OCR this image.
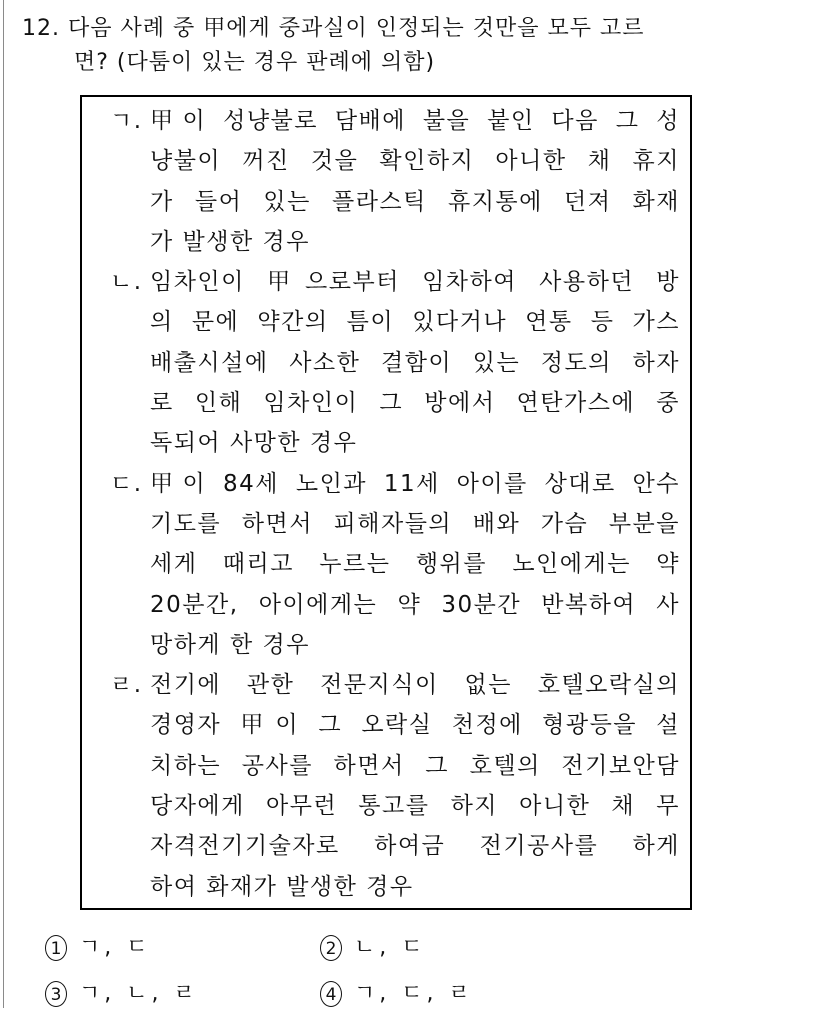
12. 다음 사례 중 甲에게 중과실이 인정되는 것만을 모두 고르
면? (다툼이 있는 경우 판례에 의함)
ㄱ. 甲이 성냥불로 담배에 불을 붙인 다음 그 성
냥불이 꺼진 것을 확인하지 아니한 채 휴지
가 들어 있는 플라스틱 휴지통에 던져 화재
가 발생한 경우
ㄴ. 임차인이 甲으로부터 임차하여 사용하던 방
의 문에 약간의 틈이 있다거나 연통 등 가스
배출시설에 사소한 결함이 있는 정도의 하자
로 인해 임차인이 그 방에서 연탄가스에 중
독되어 사망한 경우
ㄷ. 甲이 84세 노인과 11세 아이를 상대로 안수
기도를 하면서 피해자들의 배와 가슴 부분을
세게 때리고 누르는 행위를 노인에게는 약
20분간, 아이에게는 약 30분간 반복하여 사
망하게 한 경우
ㄹ. 전기에 관한 전문지식이 없는 호텔오락실의
경영자 甲이 그 오락실 천정에 형광등을 설
치하는 공사를 하면서 그 호텔의 전기보안담
당자에게 아무런 통고를 하지 아니한 채 무
자격전기기술자로 하여금 전기공사를 하게
하여 화재가 발생한 경우
1 ㄱ, ㄷ	2 ㄴ, ㄷ
3 ㄱ, ㄴ, ㄹ	4 ㄱ, ㄷ, ㄹ
